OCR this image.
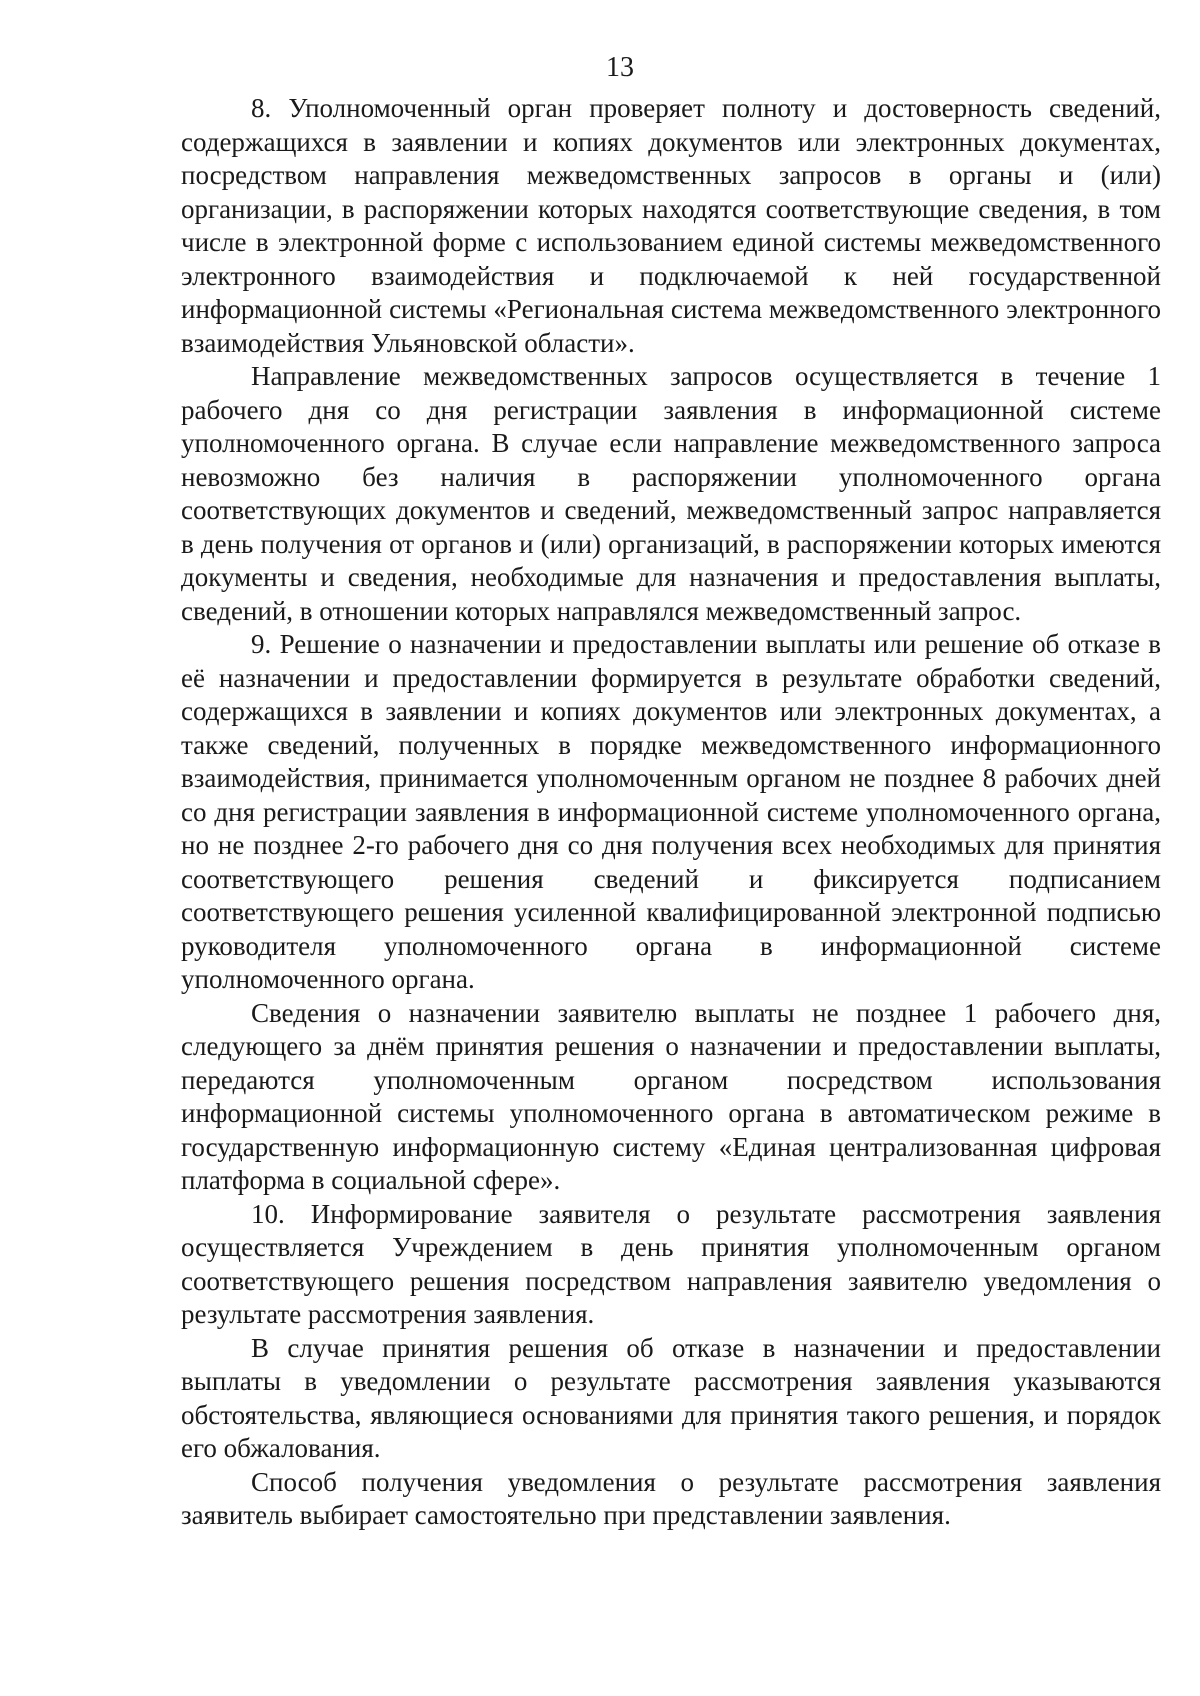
13

8. Уполномоченный орган проверяет полноту и достоверность сведений, содержащихся в заявлении и копиях документов или электронных документах, посредством направления межведомственных запросов в органы и (или) организации, в распоряжении которых находятся соответствующие сведения, в том числе в электронной форме с использованием единой системы межведомственного электронного взаимодействия и подключаемой к ней государственной информационной системы «Региональная система межведомственного электронного взаимодействия Ульяновской области».

Направление межведомственных запросов осуществляется в течение 1 рабочего дня со дня регистрации заявления в информационной системе уполномоченного органа. В случае если направление межведомственного запроса невозможно без наличия в распоряжении уполномоченного органа соответствующих документов и сведений, межведомственный запрос направляется в день получения от органов и (или) организаций, в распоряжении которых имеются документы и сведения, необходимые для назначения и предоставления выплаты, сведений, в отношении которых направлялся межведомственный запрос.

9. Решение о назначении и предоставлении выплаты или решение об отказе в её назначении и предоставлении формируется в результате обработки сведений, содержащихся в заявлении и копиях документов или электронных документах, а также сведений, полученных в порядке межведомственного информационного взаимодействия, принимается уполномоченным органом не позднее 8 рабочих дней со дня регистрации заявления в информационной системе уполномоченного органа, но не позднее 2-го рабочего дня со дня получения всех необходимых для принятия соответствующего решения сведений и фиксируется подписанием соответствующего решения усиленной квалифицированной электронной подписью руководителя уполномоченного органа в информационной системе уполномоченного органа.

Сведения о назначении заявителю выплаты не позднее 1 рабочего дня, следующего за днём принятия решения о назначении и предоставлении выплаты, передаются уполномоченным органом посредством использования информационной системы уполномоченного органа в автоматическом режиме в государственную информационную систему «Единая централизованная цифровая платформа в социальной сфере».

10. Информирование заявителя о результате рассмотрения заявления осуществляется Учреждением в день принятия уполномоченным органом соответствующего решения посредством направления заявителю уведомления о результате рассмотрения заявления.

В случае принятия решения об отказе в назначении и предоставлении выплаты в уведомлении о результате рассмотрения заявления указываются обстоятельства, являющиеся основаниями для принятия такого решения, и порядок его обжалования.

Способ получения уведомления о результате рассмотрения заявления заявитель выбирает самостоятельно при представлении заявления.
